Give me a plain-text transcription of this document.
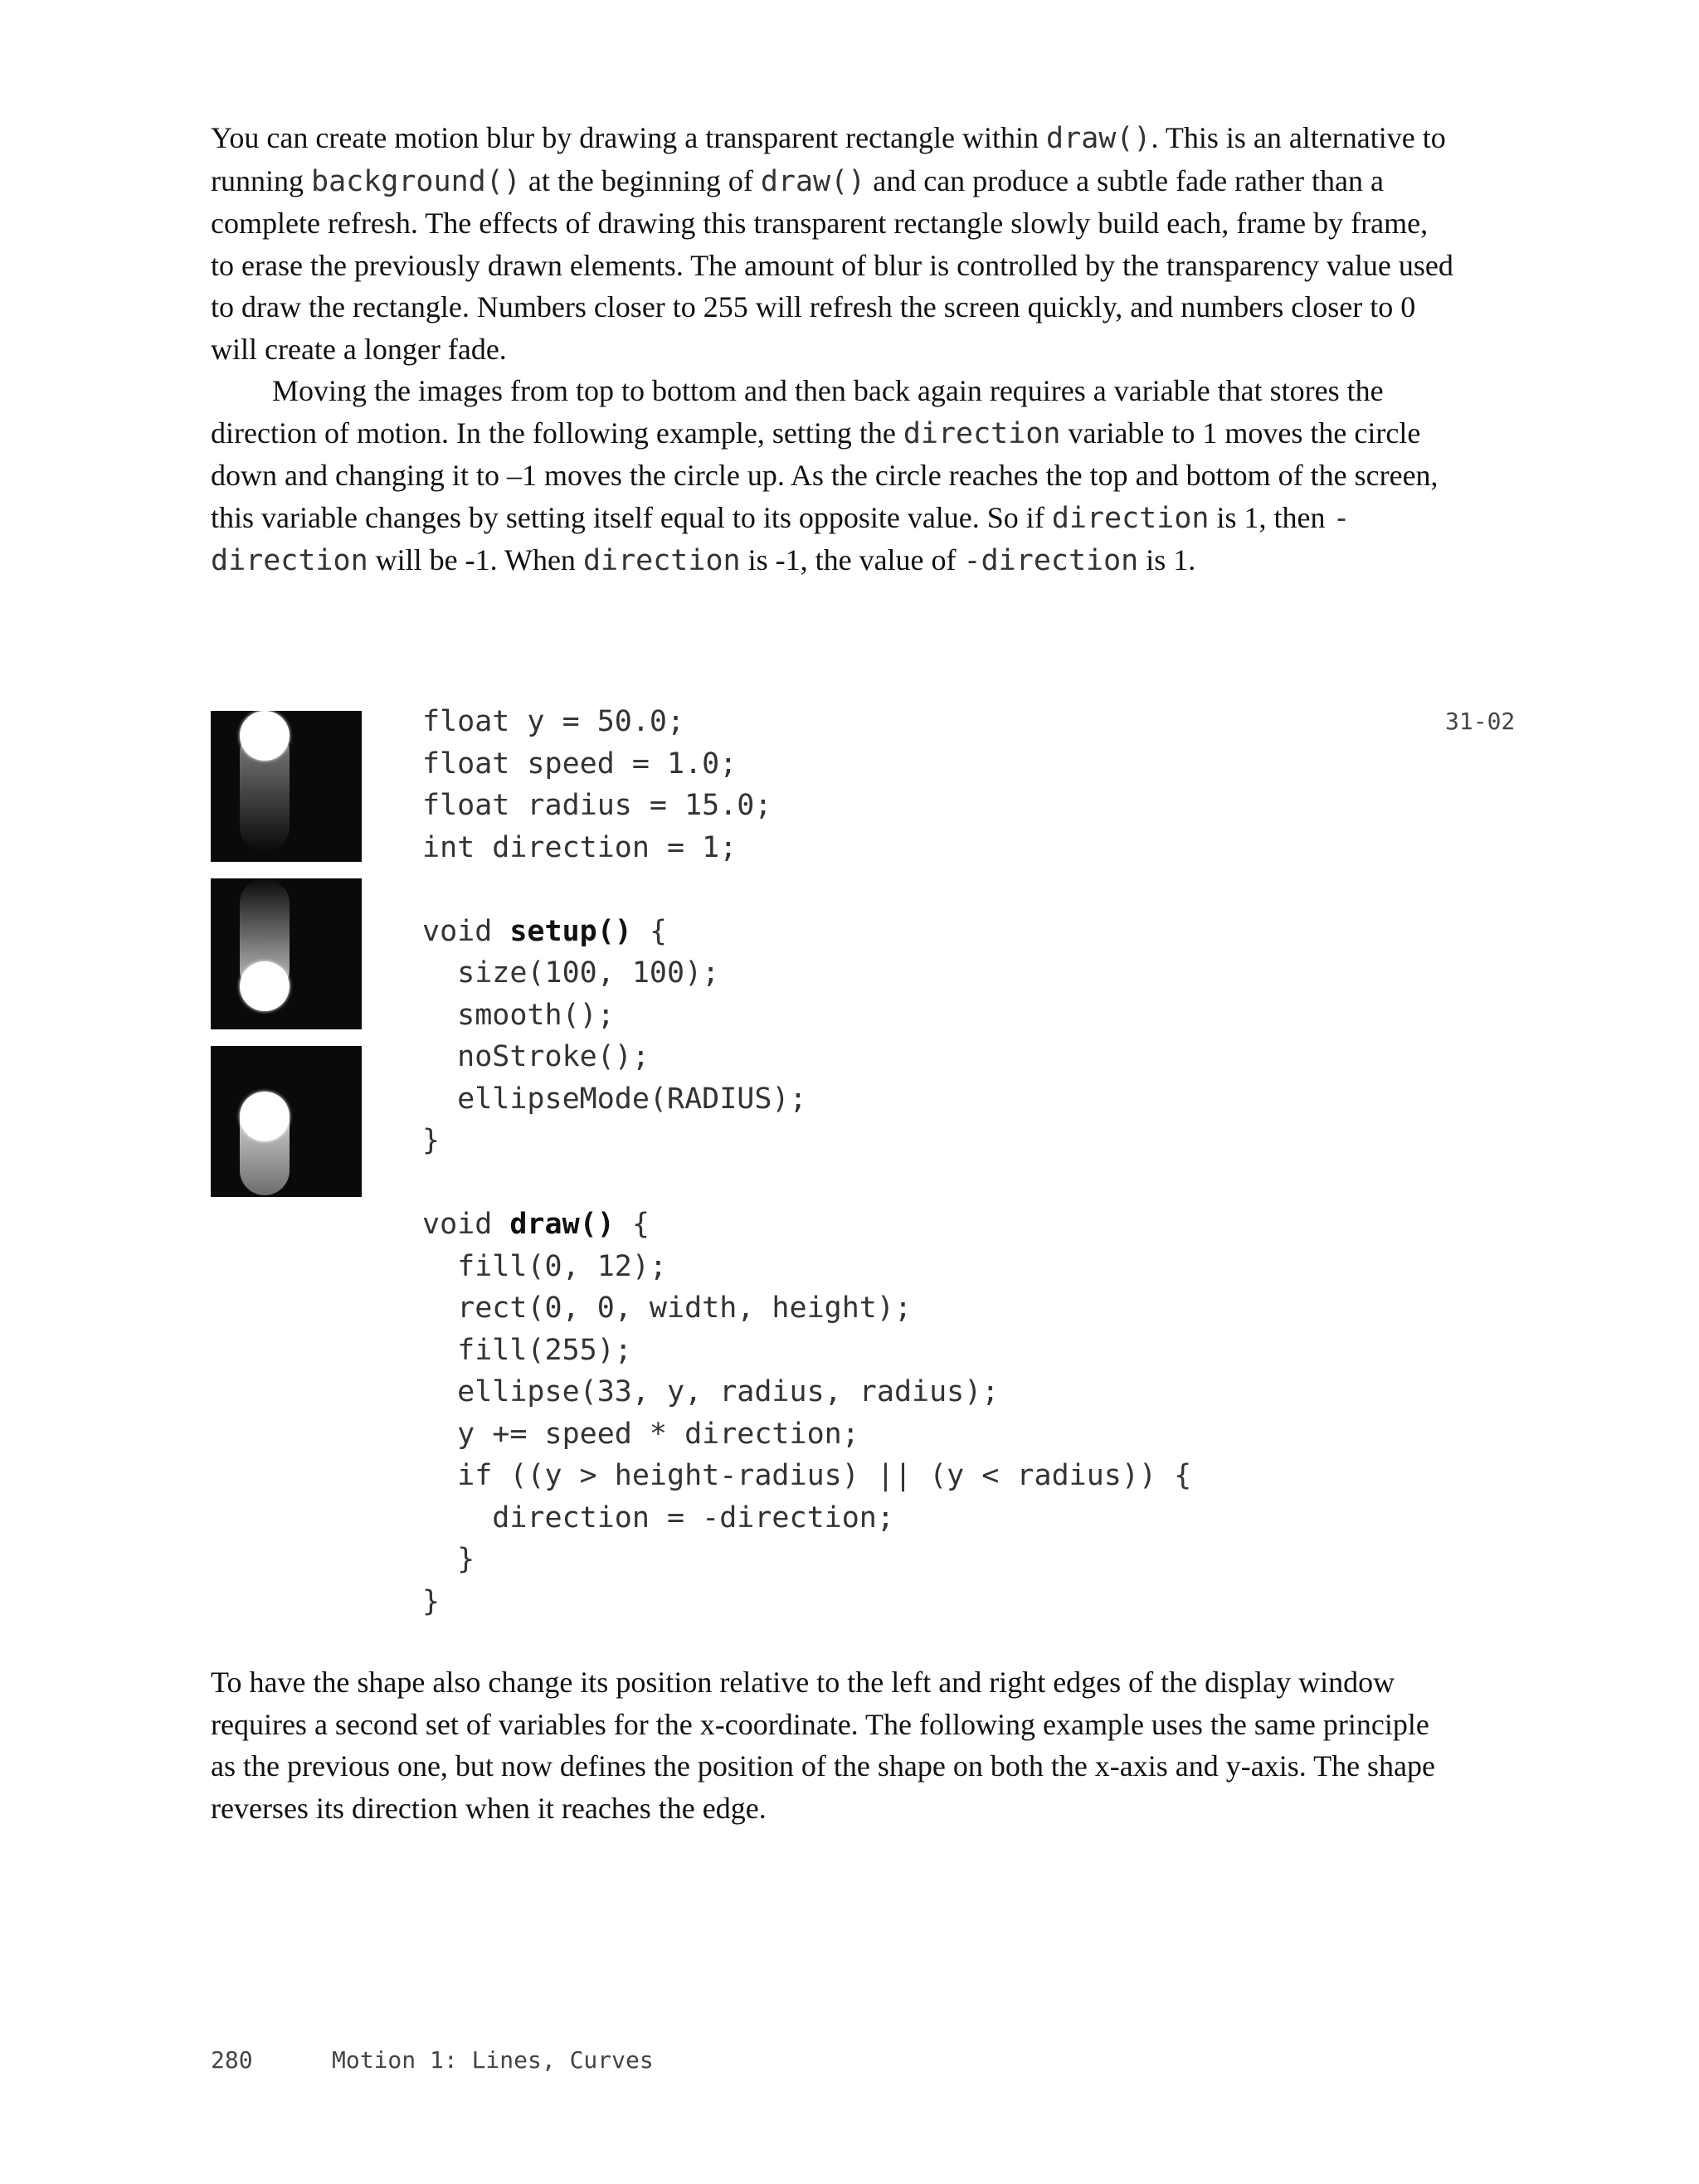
You can create motion blur by drawing a transparent rectangle within draw(). This is an alternative to running background() at the beginning of draw() and can produce a subtle fade rather than a complete refresh. The effects of drawing this transparent rectangle slowly build each, frame by frame, to erase the previously drawn elements. The amount of blur is controlled by the transparency value used to draw the rectangle. Numbers closer to 255 will refresh the screen quickly, and numbers closer to 0 will create a longer fade.
Moving the images from top to bottom and then back again requires a variable that stores the direction of motion. In the following example, setting the direction variable to 1 moves the circle down and changing it to –1 moves the circle up. As the circle reaches the top and bottom of the screen, this variable changes by setting itself equal to its opposite value. So if direction is 1, then -direction will be -1. When direction is -1, the value of -direction is 1.

float y = 50.0;
float speed = 1.0;
float radius = 15.0;
int direction = 1;

void setup() {
size(100, 100);
smooth();
noStroke();
ellipseMode(RADIUS);
}

void draw() {
fill(0, 12);
rect(0, 0, width, height);
fill(255);
ellipse(33, y, radius, radius);
y += speed * direction;
if ((y > height-radius) || (y < radius)) {
direction = -direction;
}
}
31-02

To have the shape also change its position relative to the left and right edges of the display window requires a second set of variables for the x-coordinate. The following example uses the same principle as the previous one, but now defines the position of the shape on both the x-axis and y-axis. The shape reverses its direction when it reaches the edge.

280	Motion 1: Lines, Curves
